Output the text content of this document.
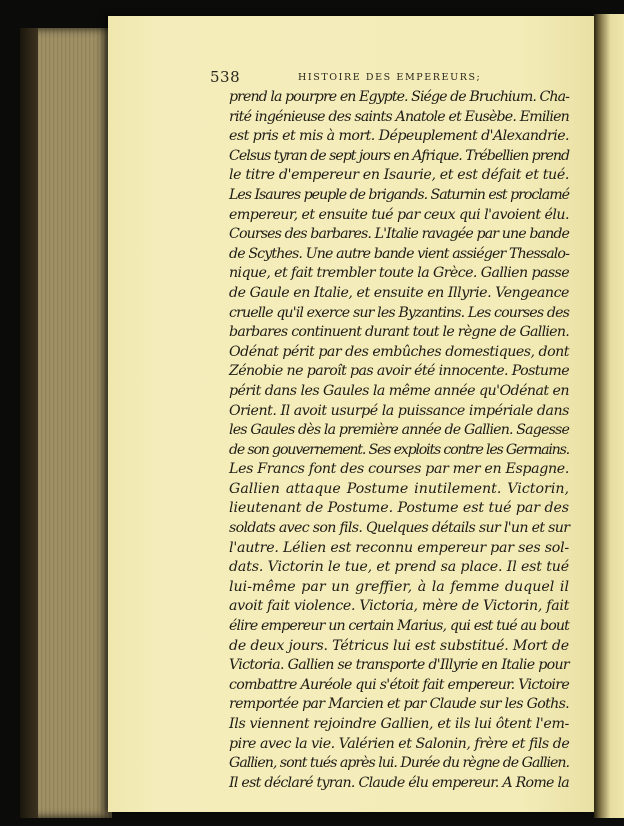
538	HISTOIRE DES EMPEREURS;
prend la pourpre en Egypte. Siége de Bruchium. Cha-
rité ingénieuse des saints Anatole et Eusèbe. Emilien
est pris et mis à mort. Dépeuplement d'Alexandrie.
Celsus tyran de sept jours en Afrique. Trébellien prend
le titre d'empereur en Isaurie, et est défait et tué.
Les Isaures peuple de brigands. Saturnin est proclamé
empereur, et ensuite tué par ceux qui l'avoient élu.
Courses des barbares. L'Italie ravagée par une bande
de Scythes. Une autre bande vient assiéger Thessalo-
nique, et fait trembler toute la Grèce. Gallien passe
de Gaule en Italie, et ensuite en Illyrie. Vengeance
cruelle qu'il exerce sur les Byzantins. Les courses des
barbares continuent durant tout le règne de Gallien.
Odénat périt par des embûches domestiques, dont
Zénobie ne paroît pas avoir été innocente. Postume
périt dans les Gaules la même année qu'Odénat en
Orient. Il avoit usurpé la puissance impériale dans
les Gaules dès la première année de Gallien. Sagesse
de son gouvernement. Ses exploits contre les Germains.
Les Francs font des courses par mer en Espagne.
Gallien attaque Postume inutilement. Victorin,
lieutenant de Postume. Postume est tué par des
soldats avec son fils. Quelques détails sur l'un et sur
l'autre. Lélien est reconnu empereur par ses sol-
dats. Victorin le tue, et prend sa place. Il est tué
lui-même par un greffier, à la femme duquel il
avoit fait violence. Victoria, mère de Victorin, fait
élire empereur un certain Marius, qui est tué au bout
de deux jours. Tétricus lui est substitué. Mort de
Victoria. Gallien se transporte d'Illyrie en Italie pour
combattre Auréole qui s'étoit fait empereur. Victoire
remportée par Marcien et par Claude sur les Goths.
Ils viennent rejoindre Gallien, et ils lui ôtent l'em-
pire avec la vie. Valérien et Salonin, frère et fils de
Gallien, sont tués après lui. Durée du règne de Gallien.
Il est déclaré tyran. Claude élu empereur. A Rome la
